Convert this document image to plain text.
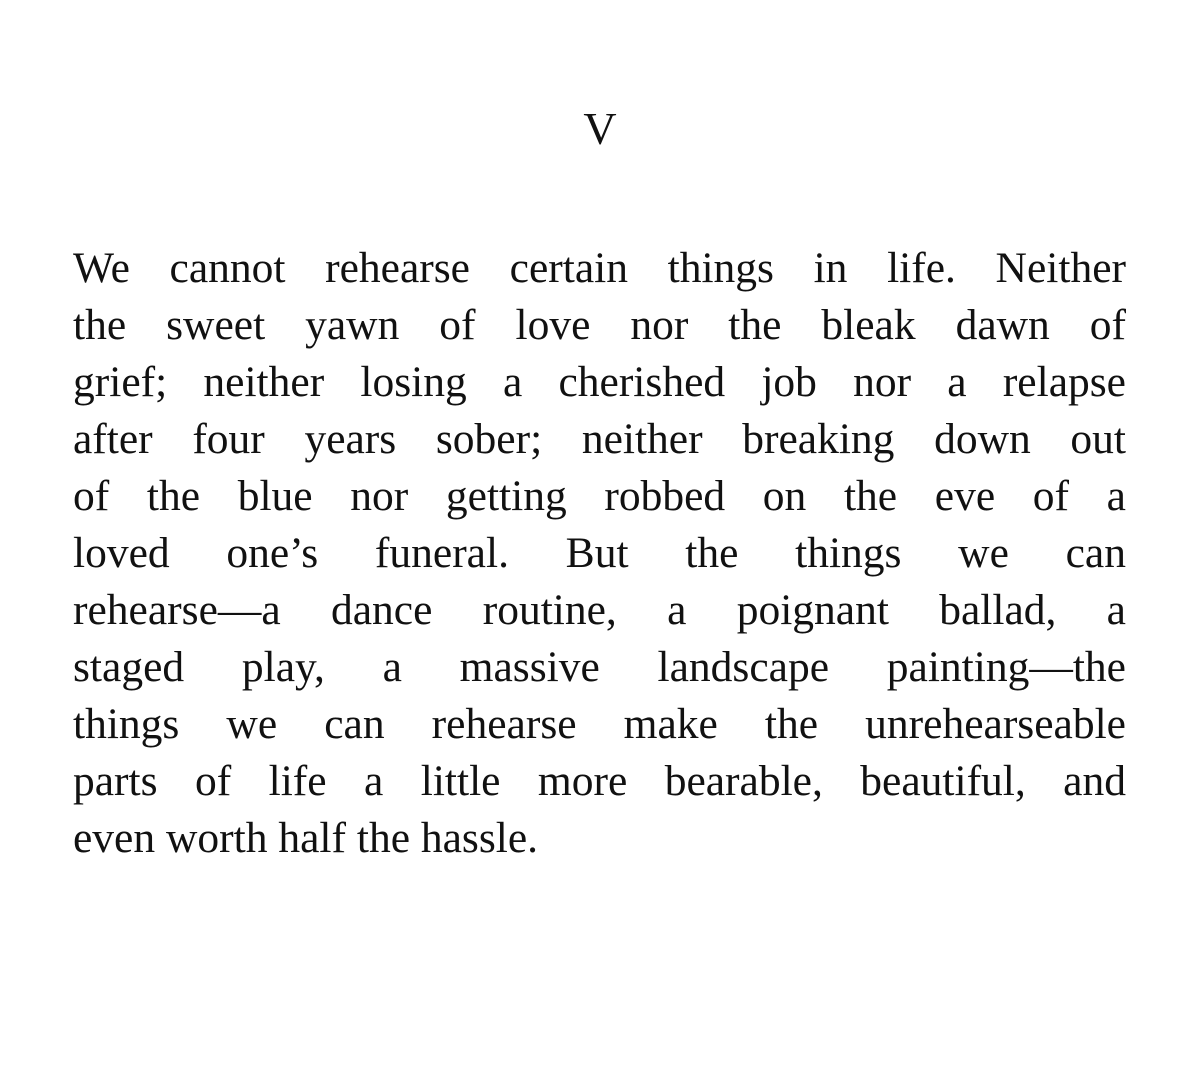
V
We cannot rehearse certain things in life. Neither
the sweet yawn of love nor the bleak dawn of
grief; neither losing a cherished job nor a relapse
after four years sober; neither breaking down out
of the blue nor getting robbed on the eve of a
loved one’s funeral. But the things we can
rehearse—a dance routine, a poignant ballad, a
staged play, a massive landscape painting—the
things we can rehearse make the unrehearseable
parts of life a little more bearable, beautiful, and
even worth half the hassle.
